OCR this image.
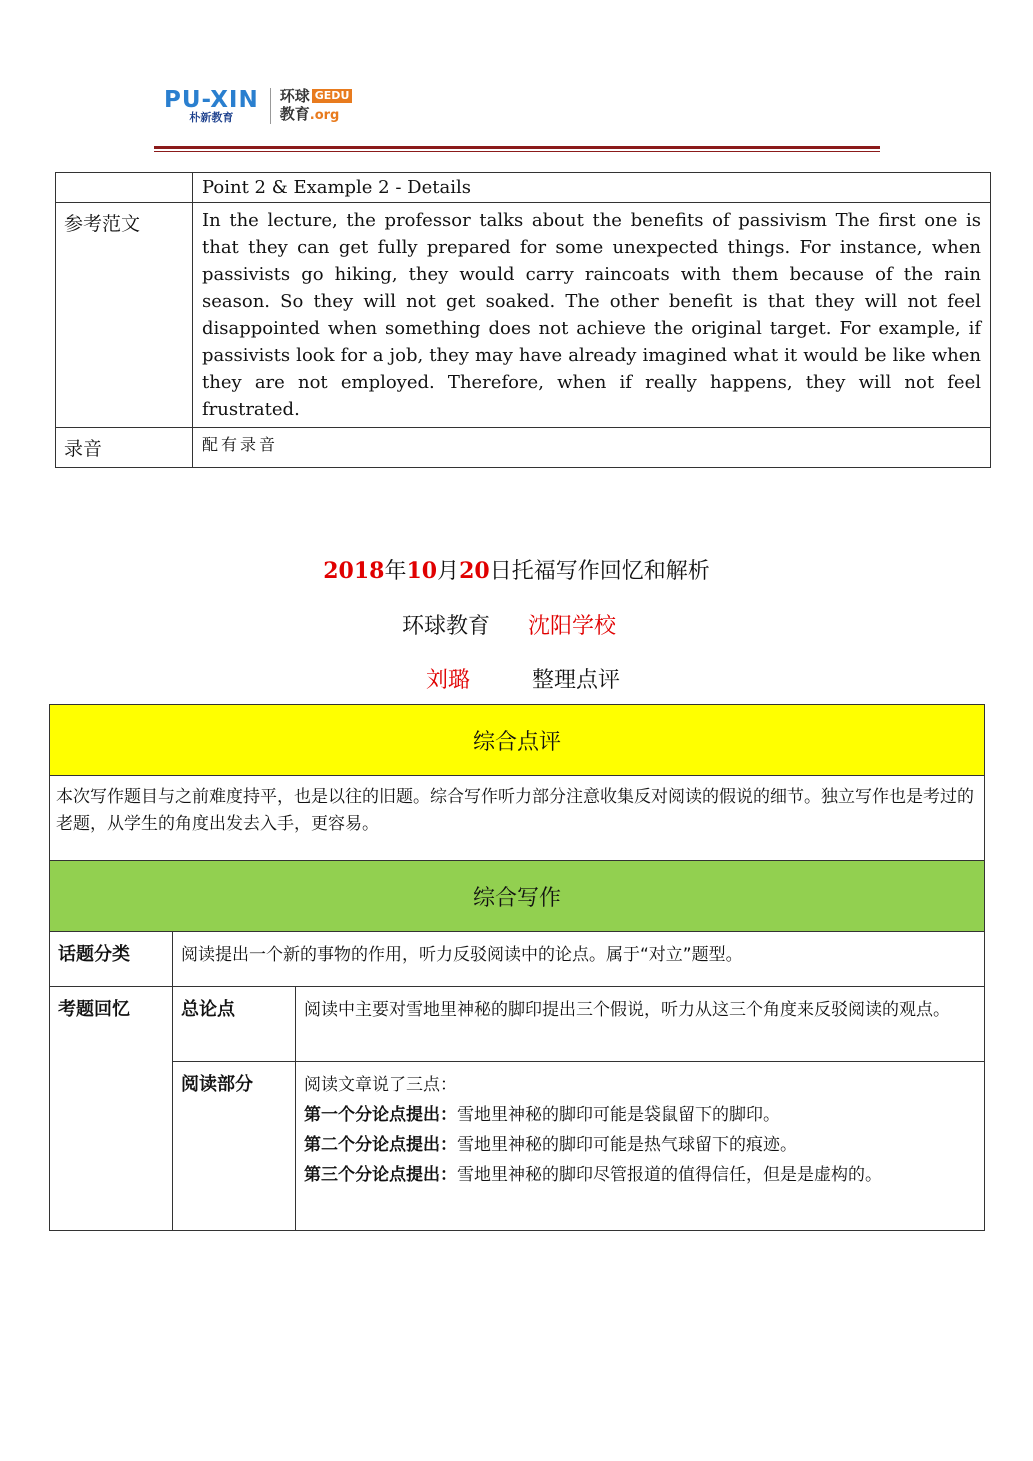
PU-XIN
朴新教育
环球 GEDU
教育.org
	Point 2 & Example 2 - Details
参考范文	In the lecture, the professor talks about the benefits of passivism The first one is that they can get fully prepared for some unexpected things. For instance, when passivists go hiking, they would carry raincoats with them because of the rain season. So they will not get soaked. The other benefit is that they will not feel disappointed when something does not achieve the original target. For example, if passivists look for a job, they may have already imagined what it would be like when they are not employed. Therefore, when if really happens, they will not feel frustrated.

录音	配有录音
2018年10月20日托福写作回忆和解析
环球教育 沈阳学校
刘璐	整理点评
综合点评		
本次写作题目与之前难度持平，也是以往的旧题。综合写作听力部分注意收集反对阅读的假说的细节。独立写作也是考过的老题，从学生的角度出发去入手，更容易。		
综合写作		
话题分类	阅读提出一个新的事物的作用，听力反驳阅读中的论点。属于“对立”题型。	
考题回忆	总论点	阅读中主要对雪地里神秘的脚印提出三个假说，听力从这三个角度来反驳阅读的观点。
	阅读部分	阅读文章说了三点：
第一个分论点提出：雪地里神秘的脚印可能是袋鼠留下的脚印。
第二个分论点提出：雪地里神秘的脚印可能是热气球留下的痕迹。
第三个分论点提出：雪地里神秘的脚印尽管报道的值得信任，但是是虚构的。
